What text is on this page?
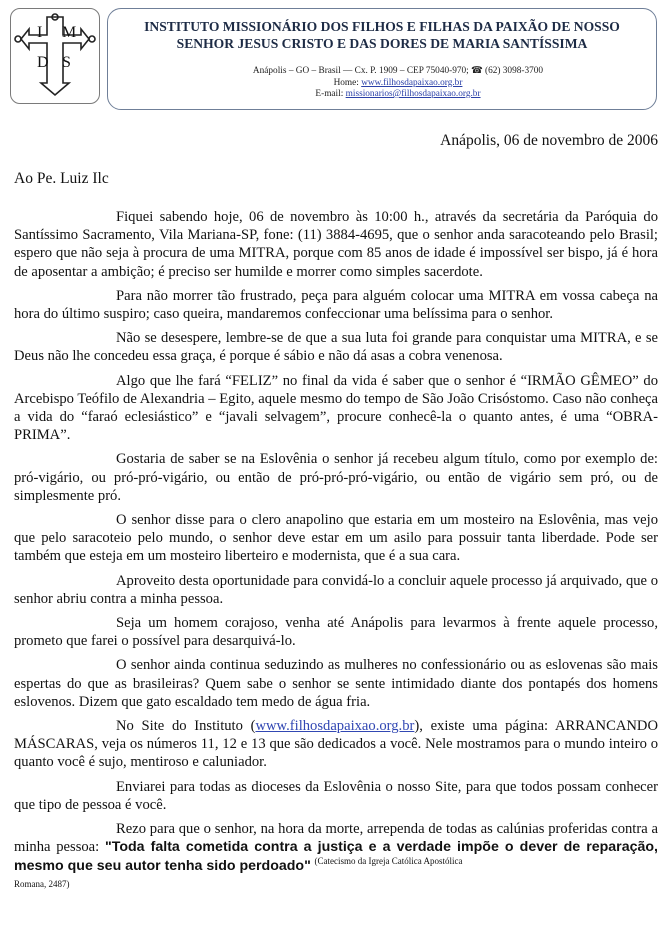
I M
D S
INSTITUTO MISSIONÁRIO DOS FILHOS E FILHAS DA PAIXÃO DE NOSSO
SENHOR JESUS CRISTO E DAS DORES DE MARIA SANTÍSSIMA
Anápolis – GO – Brasil — Cx. P. 1909 – CEP 75040-970; ☎ (62) 3098-3700
Home: www.filhosdapaixao.org.br
E-mail: missionarios@filhosdapaixao.org.br
Anápolis, 06 de novembro de 2006
Ao Pe. Luiz Ilc

Fiquei sabendo hoje, 06 de novembro às 10:00 h., através da secretária da Paróquia do Santíssimo Sacramento, Vila Mariana-SP, fone: (11) 3884-4695, que o senhor anda saracoteando pelo Brasil; espero que não seja à procura de uma MITRA, porque com 85 anos de idade é impossível ser bispo, já é hora de aposentar a ambição; é preciso ser humilde e morrer como simples sacerdote.

Para não morrer tão frustrado, peça para alguém colocar uma MITRA em vossa cabeça na hora do último suspiro; caso queira, mandaremos confeccionar uma belíssima para o senhor.

Não se desespere, lembre-se de que a sua luta foi grande para conquistar uma MITRA, e se Deus não lhe concedeu essa graça, é porque é sábio e não dá asas a cobra venenosa.

Algo que lhe fará “FELIZ” no final da vida é saber que o senhor é “IRMÃO GÊMEO” do Arcebispo Teófilo de Alexandria – Egito, aquele mesmo do tempo de São João Crisóstomo. Caso não conheça a vida do “faraó eclesiástico” e “javali selvagem”, procure conhecê-la o quanto antes, é uma “OBRA-PRIMA”.

Gostaria de saber se na Eslovênia o senhor já recebeu algum título, como por exemplo de: pró-vigário, ou pró-pró-vigário, ou então de pró-pró-pró-vigário, ou então de vigário sem pró, ou de simplesmente pró.

O senhor disse para o clero anapolino que estaria em um mosteiro na Eslovênia, mas vejo que pelo saracoteio pelo mundo, o senhor deve estar em um asilo para possuir tanta liberdade. Pode ser também que esteja em um mosteiro liberteiro e modernista, que é a sua cara.

Aproveito desta oportunidade para convidá-lo a concluir aquele processo já arquivado, que o senhor abriu contra a minha pessoa.

Seja um homem corajoso, venha até Anápolis para levarmos à frente aquele processo, prometo que farei o possível para desarquivá-lo.

O senhor ainda continua seduzindo as mulheres no confessionário ou as eslovenas são mais espertas do que as brasileiras? Quem sabe o senhor se sente intimidado diante dos pontapés dos homens eslovenos. Dizem que gato escaldado tem medo de água fria.

No Site do Instituto (www.filhosdapaixao.org.br), existe uma página: ARRANCANDO MÁSCARAS, veja os números 11, 12 e 13 que são dedicados a você. Nele mostramos para o mundo inteiro o quanto você é sujo, mentiroso e caluniador.

Enviarei para todas as dioceses da Eslovênia o nosso Site, para que todos possam conhecer que tipo de pessoa é você.

Rezo para que o senhor, na hora da morte, arrependa de todas as calúnias proferidas contra a minha pessoa: "Toda falta cometida contra a justiça e a verdade impõe o dever de reparação, mesmo que seu autor tenha sido perdoado" $^{(Catecismo da Igreja Católica Apostólica}$

Romana, 2487)
